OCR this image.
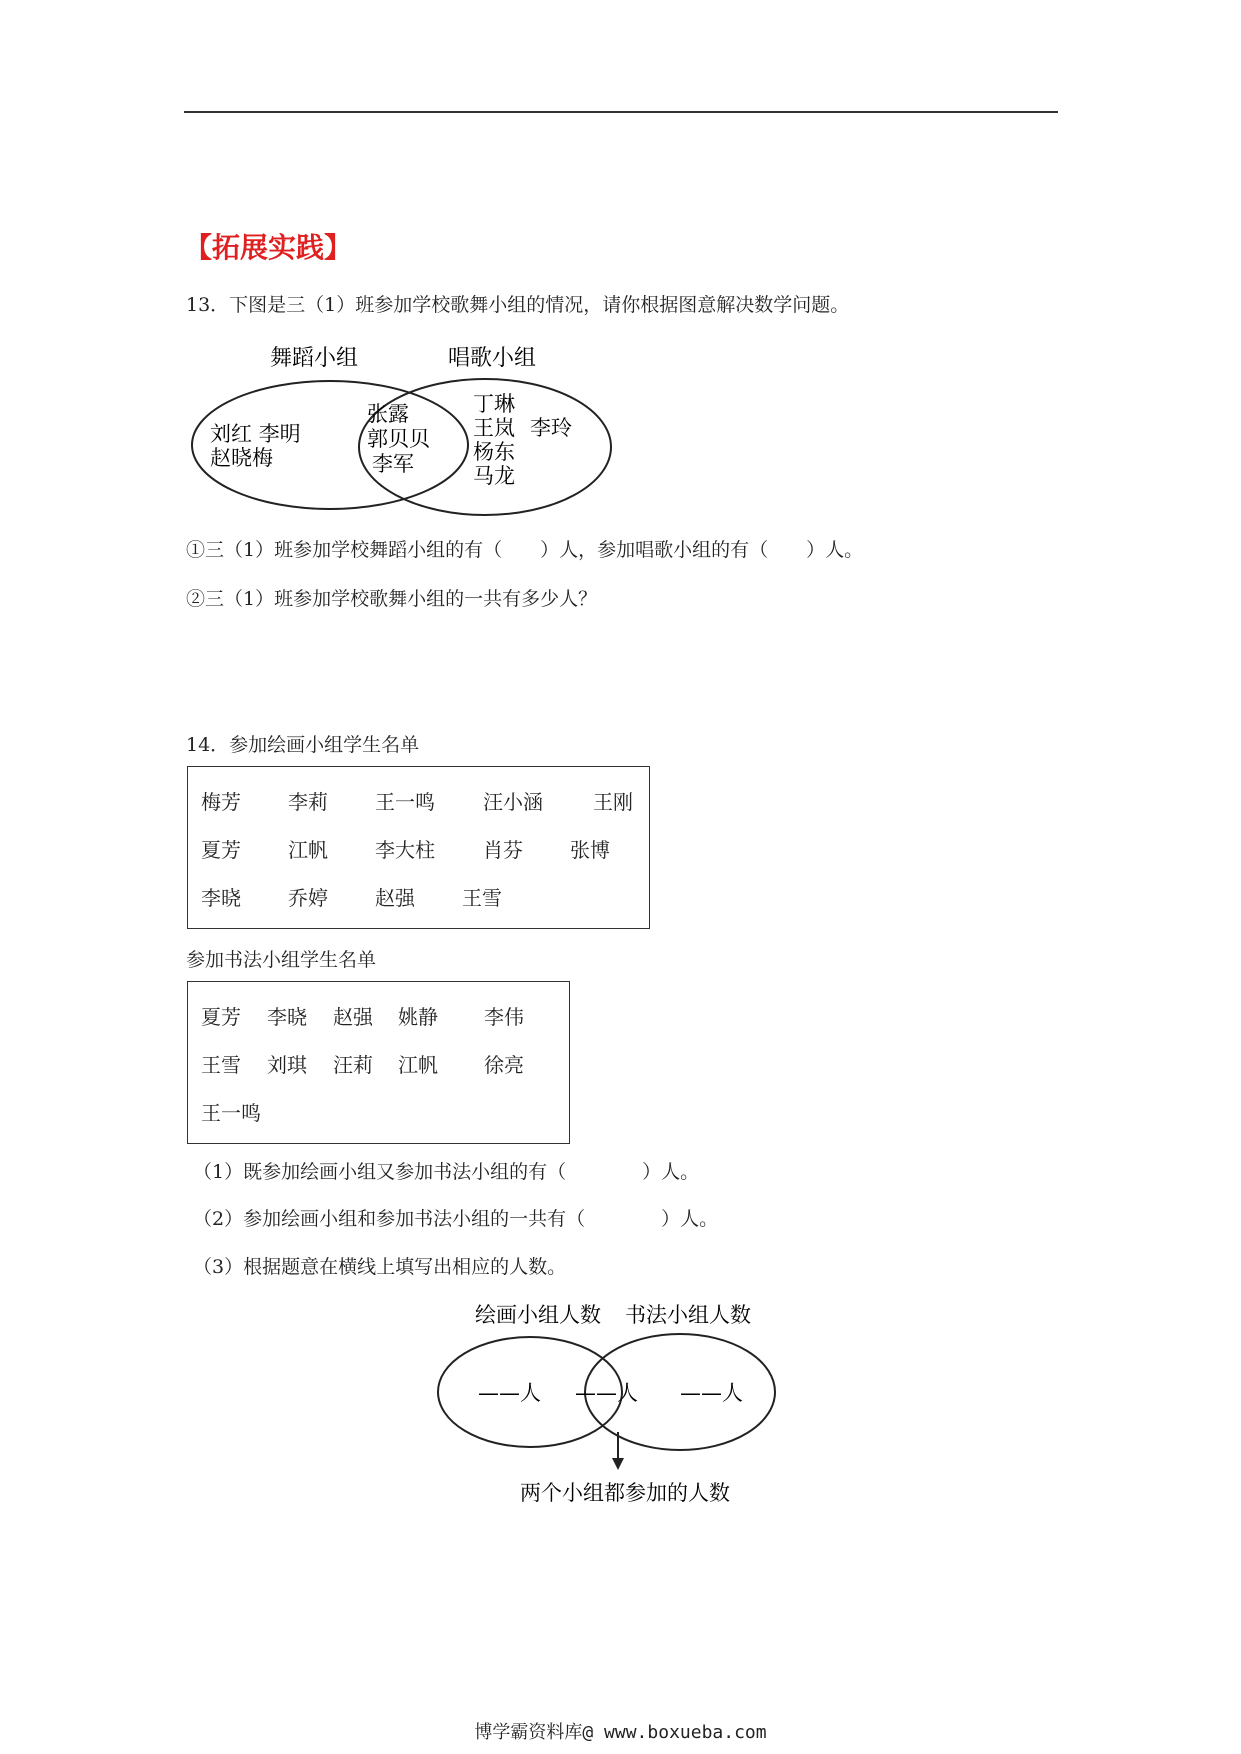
【拓展实践】
13．下图是三（1）班参加学校歌舞小组的情况，请你根据图意解决数学问题。
舞蹈小组	唱歌小组
刘红 李明
赵晓梅
张露
郭贝贝
李军
丁琳
王岚
杨东
马龙
李玲
①三（1）班参加学校舞蹈小组的有（　　）人，参加唱歌小组的有（　　）人。
②三（1）班参加学校歌舞小组的一共有多少人？
14．参加绘画小组学生名单
梅芳 李莉 王一鸣 汪小涵	王刚
夏芳 江帆 李大柱 肖芬 张博
李晓 乔婷 赵强 王雪
参加书法小组学生名单
夏芳 李晓 赵强 姚静 李伟
王雪 刘琪 汪莉 江帆 徐亮
王一鸣
（1）既参加绘画小组又参加书法小组的有（　　　　）人。
（2）参加绘画小组和参加书法小组的一共有（　　　　）人。
（3）根据题意在横线上填写出相应的人数。
绘画小组人数 书法小组人数
——人 ——人 ——人
两个小组都参加的人数
博学霸资料库@ www.boxueba.com
